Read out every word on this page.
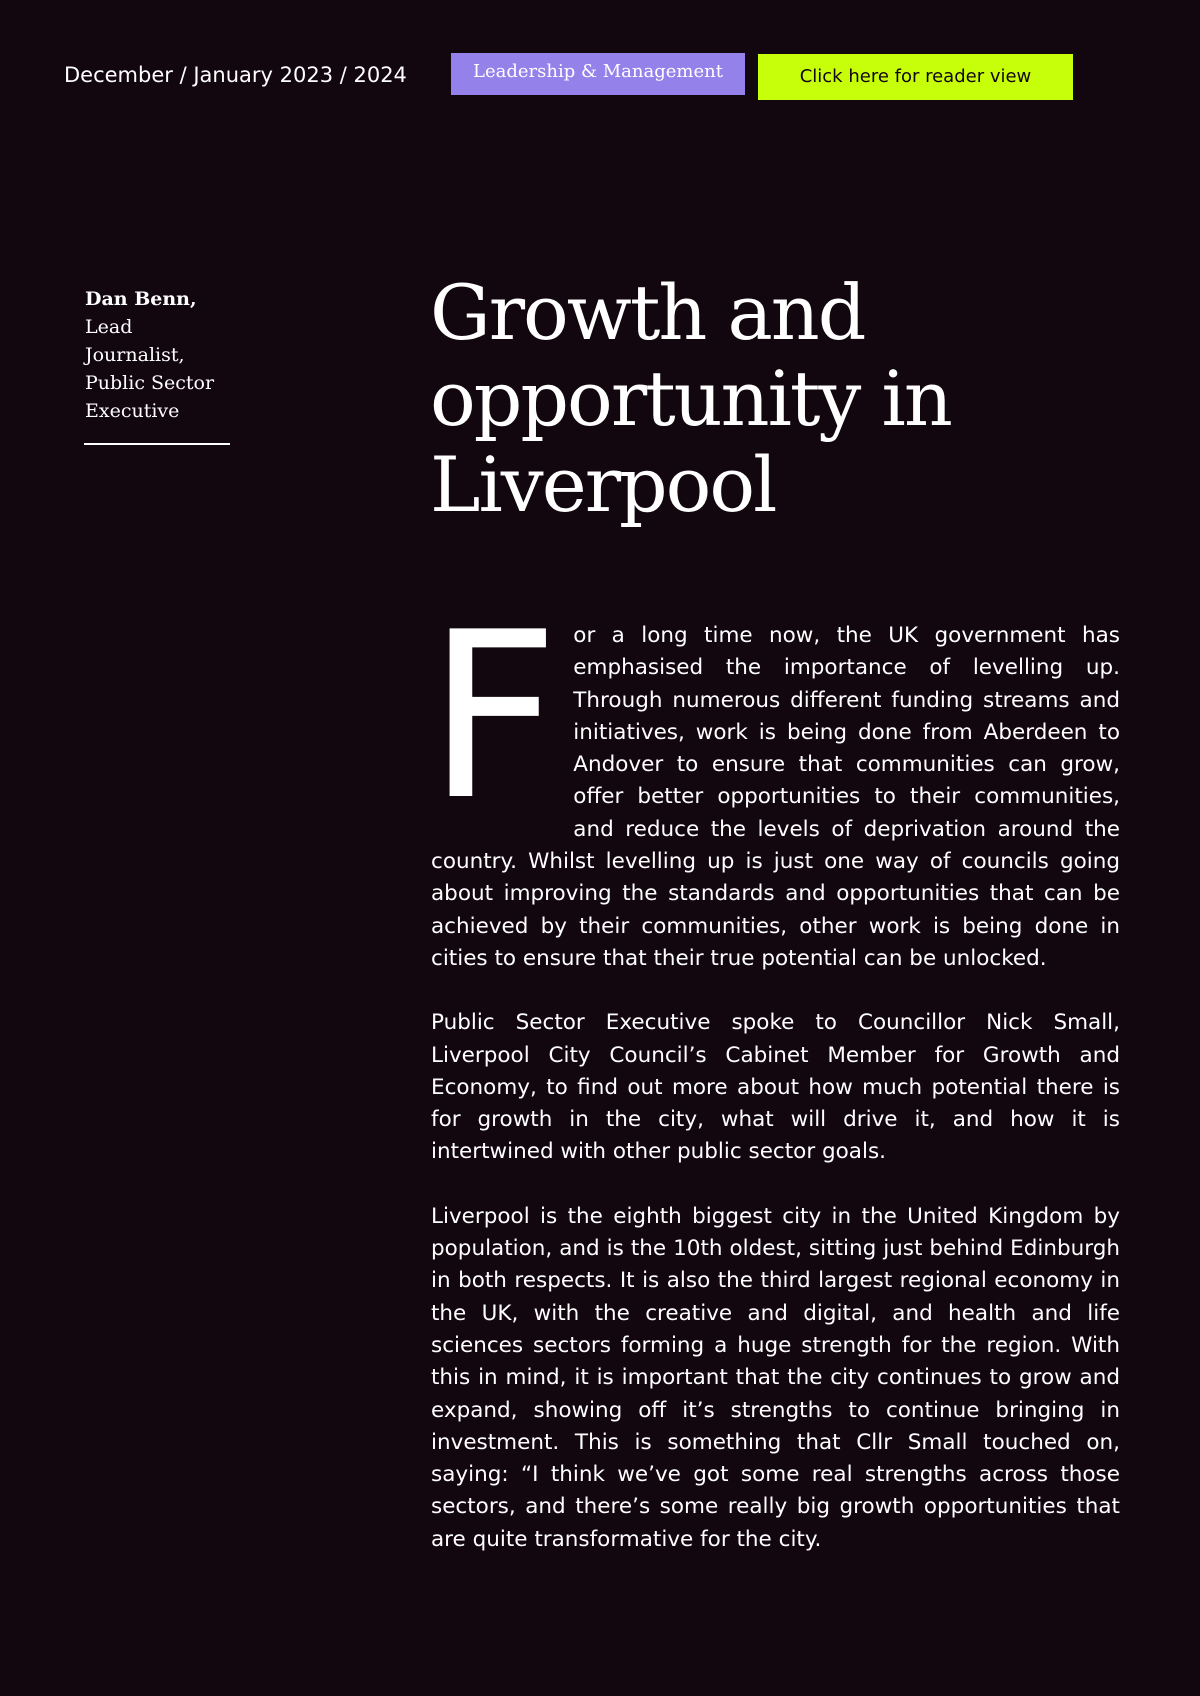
December / January 2023 / 2024	Leadership & Management	Click here for reader view
Dan Benn,
Lead
Journalist,
Public Sector
Executive
Growth and
opportunity in
Liverpool

For a long time now, the UK government has emphasised the importance of levelling up. Through numerous different funding streams and initiatives, work is being done from Aberdeen to Andover to ensure that communities can grow, offer better opportunities to their communities, and reduce the levels of deprivation around the country. Whilst levelling up is just one way of councils going about improving the standards and opportunities that can be achieved by their communities, other work is being done in cities to ensure that their true potential can be unlocked.

Public Sector Executive spoke to Councillor Nick Small, Liverpool City Council’s Cabinet Member for Growth and Economy, to find out more about how much potential there is for growth in the city, what will drive it, and how it is intertwined with other public sector goals.

Liverpool is the eighth biggest city in the United Kingdom by population, and is the 10th oldest, sitting just behind Edinburgh in both respects. It is also the third largest regional economy in the UK, with the creative and digital, and health and life sciences sectors forming a huge strength for the region. With this in mind, it is important that the city continues to grow and expand, showing off it’s strengths to continue bringing in investment. This is something that Cllr Small touched on, saying: “I think we’ve got some real strengths across those sectors, and there’s some really big growth opportunities that are quite transformative for the city.
